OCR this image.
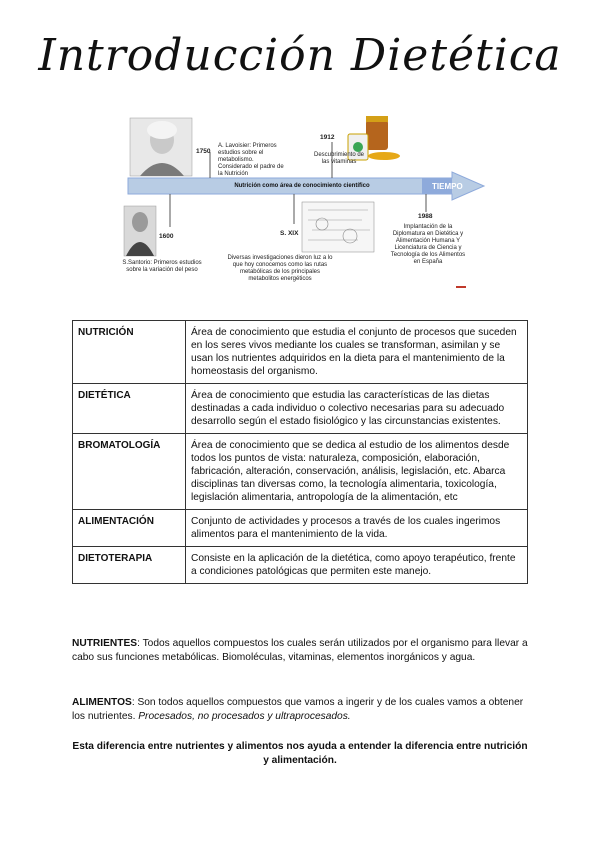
Introducción Dietética
Nutrición como área de conocimiento científico	TIEMPO
1600
S.Santorio: Primeros estudios sobre la variación del peso
1750
A. Lavoisier: Primeros estudios sobre el metabolismo. Considerado el padre de la Nutrición
S. XIX
Diversas investigaciones dieron luz a lo que hoy conocemos como las rutas metabólicas de los principales metabolitos energéticos
1912
Descubrimiento de las vitaminas
1988
Implantación de la Diplomatura en Dietética y Alimentación Humana Y Licenciatura de Ciencia y Tecnología de los Alimentos en España
NUTRICIÓN	Área de conocimiento que estudia el conjunto de procesos que suceden en los seres vivos mediante los cuales se transforman, asimilan y se usan los nutrientes adquiridos en la dieta para el mantenimiento de la homeostasis del organismo.
DIETÉTICA	Área de conocimiento que estudia las características de las dietas destinadas a cada individuo o colectivo necesarias para su adecuado desarrollo según el estado fisiológico y las circunstancias existentes.
BROMATOLOGÍA	Área de conocimiento que se dedica al estudio de los alimentos desde todos los puntos de vista: naturaleza, composición, elaboración, fabricación, alteración, conservación, análisis, legislación, etc. Abarca disciplinas tan diversas como, la tecnología alimentaria, toxicología, legislación alimentaria, antropología de la alimentación, etc
ALIMENTACIÓN	Conjunto de actividades y procesos a través de los cuales ingerimos alimentos para el mantenimiento de la vida.
DIETOTERAPIA	Consiste en la aplicación de la dietética, como apoyo terapéutico, frente a condiciones patológicas que permiten este manejo.
NUTRIENTES: Todos aquellos compuestos los cuales serán utilizados por el organismo para llevar a cabo sus funciones metabólicas. Biomoléculas, vitaminas, elementos inorgánicos y agua.
ALIMENTOS: Son todos aquellos compuestos que vamos a ingerir y de los cuales vamos a obtener los nutrientes. Procesados, no procesados y ultraprocesados.
Esta diferencia entre nutrientes y alimentos nos ayuda a entender la diferencia entre nutrición y alimentación.
